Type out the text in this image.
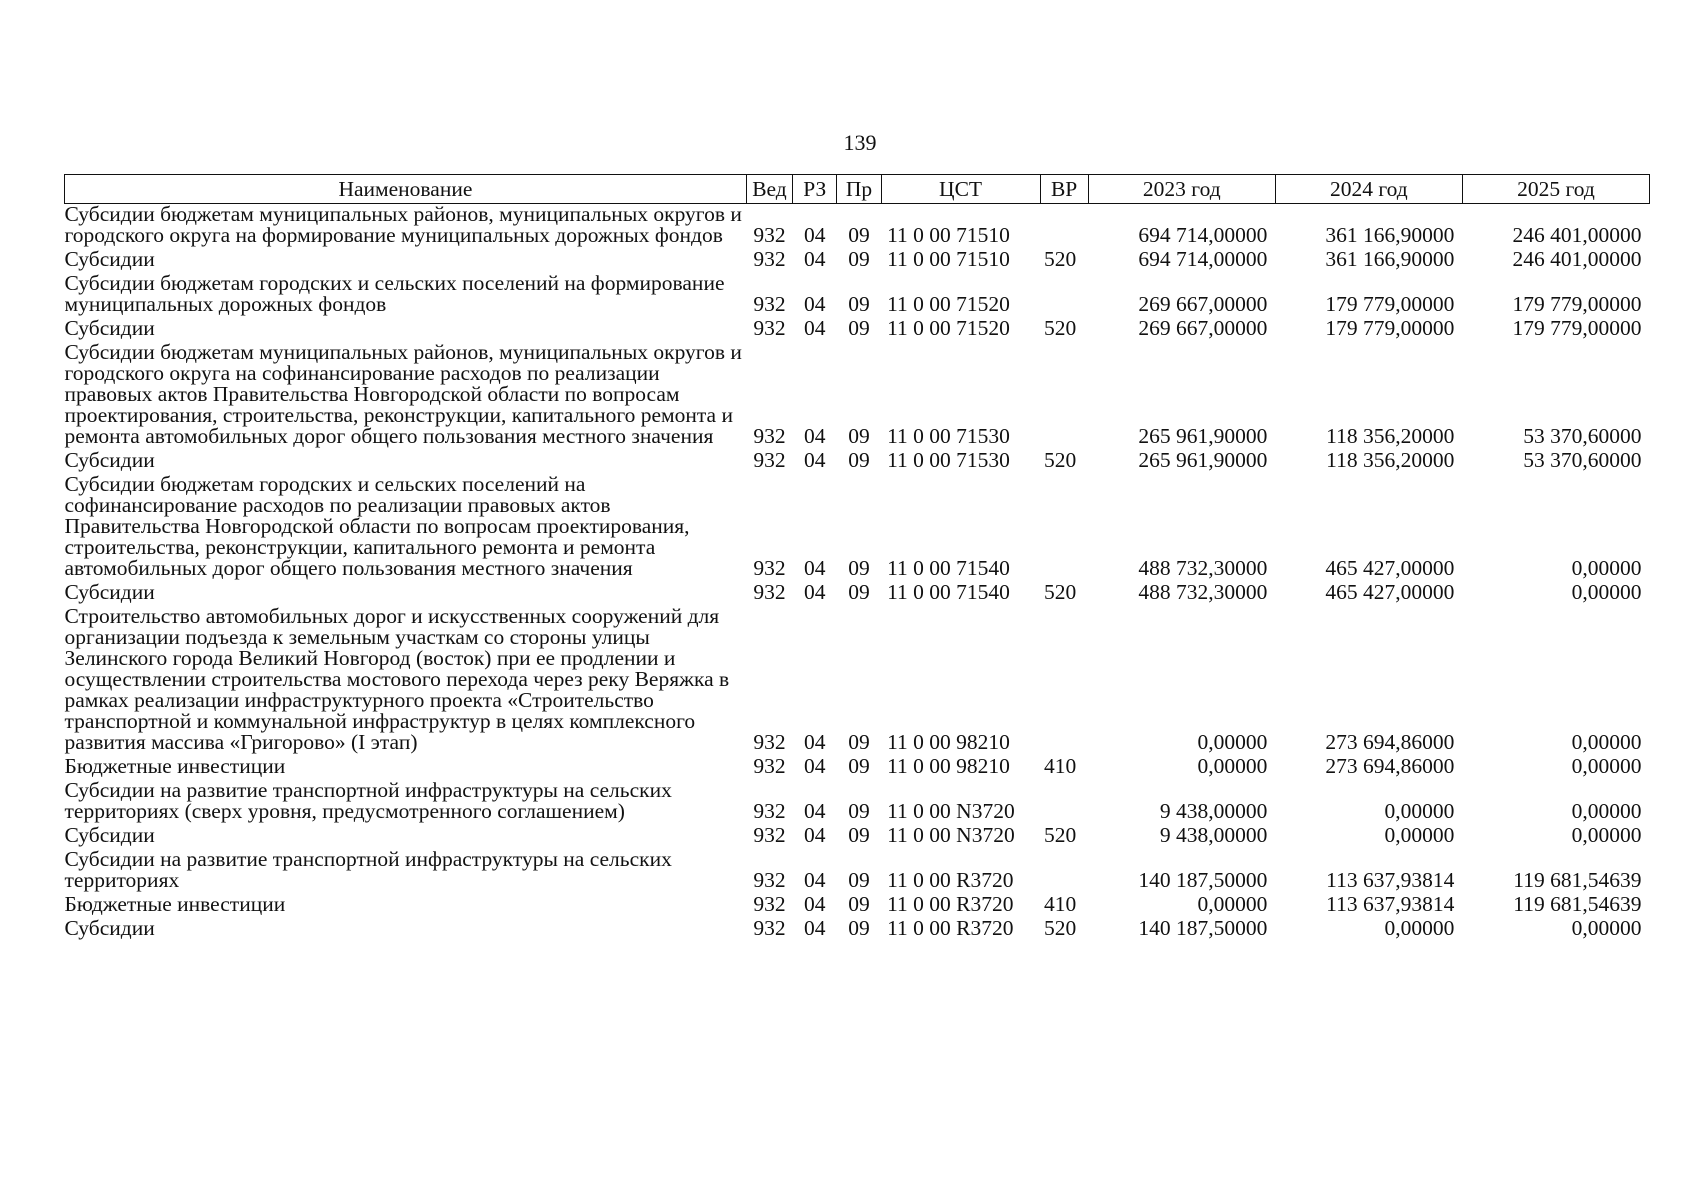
139
Наименование	Вед	РЗ	Пр	ЦСТ	ВР	2023 год	2024 год	2025 год
Субсидии бюджетам муниципальных районов, муниципальных округов и городского округа на формирование муниципальных дорожных фондов	932	04	09	11 0 00 71510		694 714,00000	361 166,90000	246 401,00000
Субсидии	932	04	09	11 0 00 71510	520	694 714,00000	361 166,90000	246 401,00000
Субсидии бюджетам городских и сельских поселений на формирование муниципальных дорожных фондов	932	04	09	11 0 00 71520		269 667,00000	179 779,00000	179 779,00000
Субсидии	932	04	09	11 0 00 71520	520	269 667,00000	179 779,00000	179 779,00000
Субсидии бюджетам муниципальных районов, муниципальных округов и городского округа на софинансирование расходов по реализации правовых актов Правительства Новгородской области по вопросам проектирования, строительства, реконструкции, капитального ремонта и ремонта автомобильных дорог общего пользования местного значения	932	04	09	11 0 00 71530		265 961,90000	118 356,20000	53 370,60000
Субсидии	932	04	09	11 0 00 71530	520	265 961,90000	118 356,20000	53 370,60000
Субсидии бюджетам городских и сельских поселений на софинансирование расходов по реализации правовых актов Правительства Новгородской области по вопросам проектирования, строительства, реконструкции, капитального ремонта и ремонта автомобильных дорог общего пользования местного значения	932	04	09	11 0 00 71540		488 732,30000	465 427,00000	0,00000
Субсидии	932	04	09	11 0 00 71540	520	488 732,30000	465 427,00000	0,00000
Строительство автомобильных дорог и искусственных сооружений для организации подъезда к земельным участкам со стороны улицы Зелинского города Великий Новгород (восток) при ее продлении и осуществлении строительства мостового перехода через реку Веряжка в рамках реализации инфраструктурного проекта «Строительство транспортной и коммунальной инфраструктур в целях комплексного развития массива «Григорово» (I этап)	932	04	09	11 0 00 98210		0,00000	273 694,86000	0,00000
Бюджетные инвестиции	932	04	09	11 0 00 98210	410	0,00000	273 694,86000	0,00000
Субсидии на развитие транспортной инфраструктуры на сельских территориях (сверх уровня, предусмотренного соглашением)	932	04	09	11 0 00 N3720		9 438,00000	0,00000	0,00000
Субсидии	932	04	09	11 0 00 N3720	520	9 438,00000	0,00000	0,00000
Субсидии на развитие транспортной инфраструктуры на сельских территориях	932	04	09	11 0 00 R3720		140 187,50000	113 637,93814	119 681,54639
Бюджетные инвестиции	932	04	09	11 0 00 R3720	410	0,00000	113 637,93814	119 681,54639
Субсидии	932	04	09	11 0 00 R3720	520	140 187,50000	0,00000	0,00000
